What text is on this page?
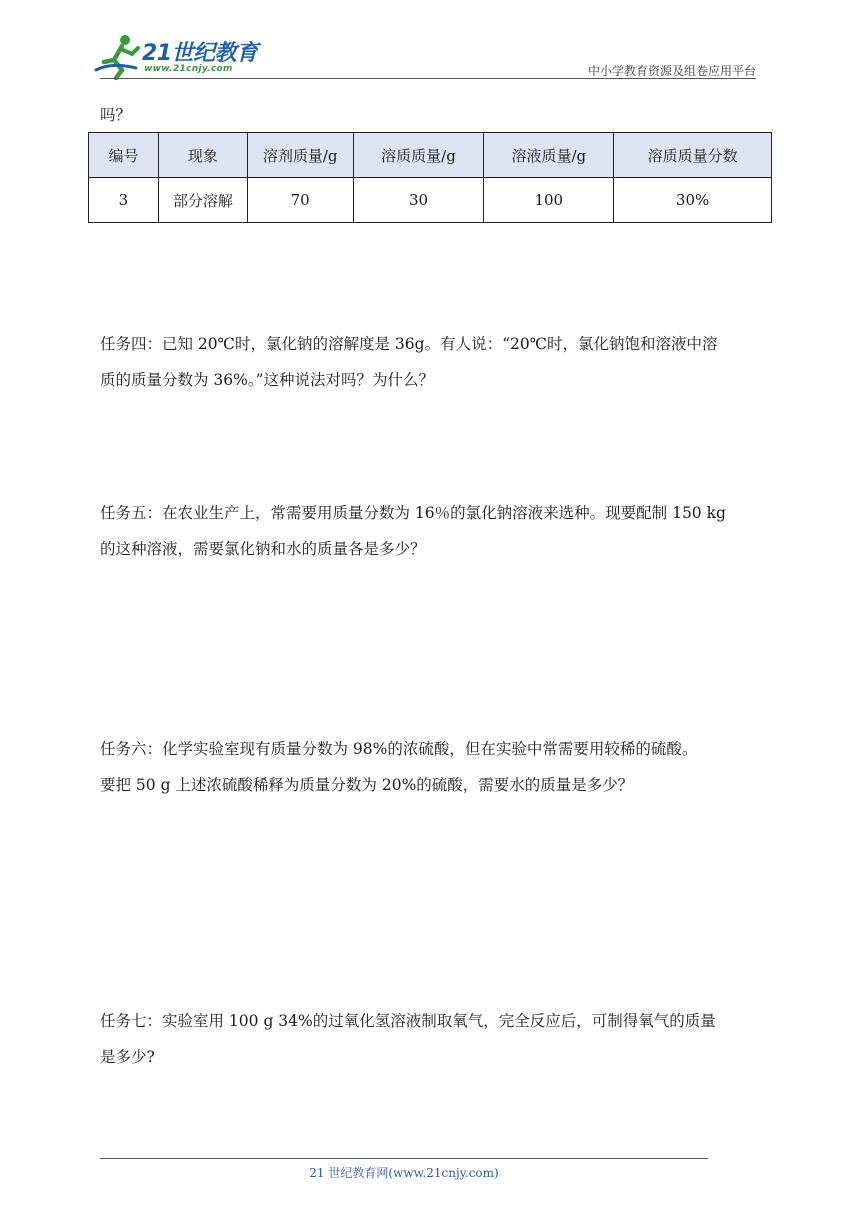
21世纪教育
www.21cnjy.com	中小学教育资源及组卷应用平台
吗？
编号	现象	溶剂质量/g	溶质质量/g	溶液质量/g	溶质质量分数
3	部分溶解	70	30	100	30%
任务四：已知 20℃时，氯化钠的溶解度是 36g。有人说：“20℃时，氯化钠饱和溶液中溶
质的质量分数为 36%。”这种说法对吗？为什么？
任务五：在农业生产上，常需要用质量分数为 16％的氯化钠溶液来选种。现要配制 150 kg
的这种溶液，需要氯化钠和水的质量各是多少？
任务六：化学实验室现有质量分数为 98%的浓硫酸，但在实验中常需要用较稀的硫酸。
要把 50 g 上述浓硫酸稀释为质量分数为 20%的硫酸，需要水的质量是多少？
任务七：实验室用 100 g 34%的过氧化氢溶液制取氧气，完全反应后，可制得氧气的质量
是多少?
21 世纪教育网(www.21cnjy.com)
